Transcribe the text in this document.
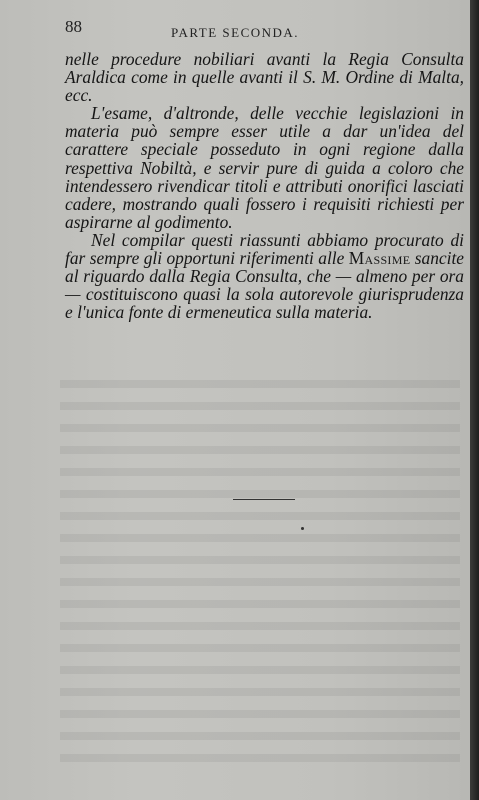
88	PARTE SECONDA.

nelle procedure nobiliari avanti la Regia Consulta Araldica come in quelle avanti il S. M. Ordine di Malta, ecc.

L'esame, d'altronde, delle vecchie legislazioni in materia può sempre esser utile a dar un'idea del carattere speciale posseduto in ogni regione dalla respettiva Nobiltà, e servir pure di guida a coloro che intendessero rivendicar titoli e attributi onorifici lasciati cadere, mostrando quali fossero i requisiti richiesti per aspirarne al godimento.

Nel compilar questi riassunti abbiamo procurato di far sempre gli opportuni riferimenti alle Massime sancite al riguardo dalla Regia Consulta, che — almeno per ora — costituiscono quasi la sola autorevole giurisprudenza e l'unica fonte di ermeneutica sulla materia.
